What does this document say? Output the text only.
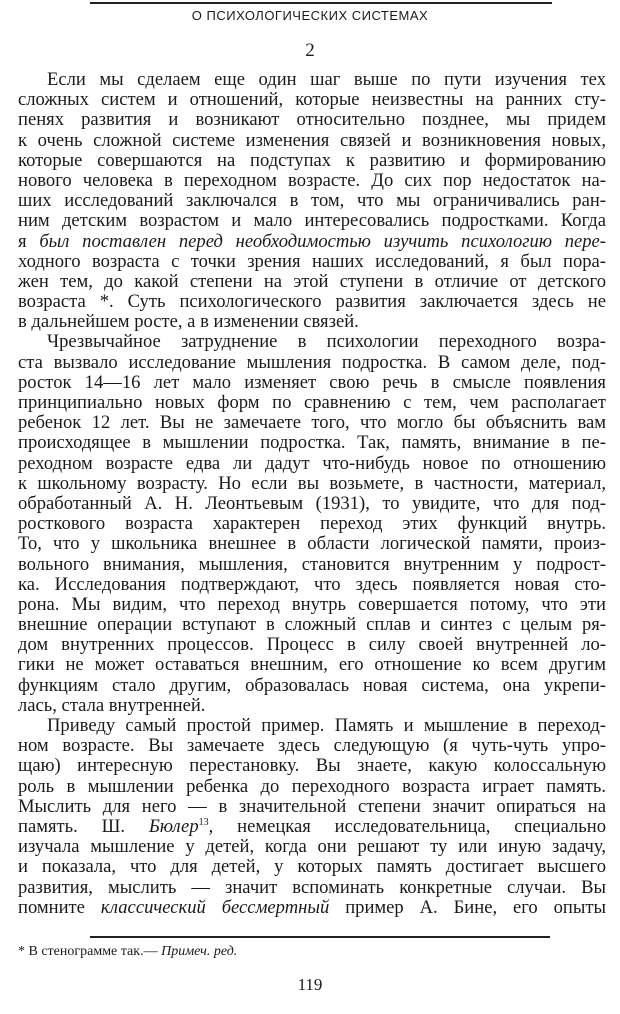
О ПСИХОЛОГИЧЕСКИХ СИСТЕМАХ
2
Если мы сделаем еще один шаг выше по пути изучения тех
сложных систем и отношений, которые неизвестны на ранних сту-
пенях развития и возникают относительно позднее, мы придем
к очень сложной системе изменения связей и возникновения новых,
которые совершаются на подступах к развитию и формированию
нового человека в переходном возрасте. До сих пор недостаток на-
ших исследований заключался в том, что мы ограничивались ран-
ним детским возрастом и мало интересовались подростками. Когда
я был поставлен перед необходимостью изучить психологию пере-
ходного возраста с точки зрения наших исследований, я был пора-
жен тем, до какой степени на этой ступени в отличие от детского
возраста *. Суть психологического развития заключается здесь не
в дальнейшем росте, а в изменении связей.
Чрезвычайное затруднение в психологии переходного возра-
ста вызвало исследование мышления подростка. В самом деле, под-
росток 14—16 лет мало изменяет свою речь в смысле появления
принципиально новых форм по сравнению с тем, чем располагает
ребенок 12 лет. Вы не замечаете того, что могло бы объяснить вам
происходящее в мышлении подростка. Так, память, внимание в пе-
реходном возрасте едва ли дадут что-нибудь новое по отношению
к школьному возрасту. Но если вы возьмете, в частности, материал,
обработанный А. Н. Леонтьевым (1931), то увидите, что для под-
росткового возраста характерен переход этих функций внутрь.
То, что у школьника внешнее в области логической памяти, произ-
вольного внимания, мышления, становится внутренним у подрост-
ка. Исследования подтверждают, что здесь появляется новая сто-
рона. Мы видим, что переход внутрь совершается потому, что эти
внешние операции вступают в сложный сплав и синтез с целым ря-
дом внутренних процессов. Процесс в силу своей внутренней ло-
гики не может оставаться внешним, его отношение ко всем другим
функциям стало другим, образовалась новая система, она укрепи-
лась, стала внутренней.
Приведу самый простой пример. Память и мышление в переход-
ном возрасте. Вы замечаете здесь следующую (я чуть-чуть упро-
щаю) интересную перестановку. Вы знаете, какую колоссальную
роль в мышлении ребенка до переходного возраста играет память.
Мыслить для него — в значительной степени значит опираться на
память. Ш. Бюлер$^{13}$, немецкая исследовательница, специально
изучала мышление у детей, когда они решают ту или иную задачу,
и показала, что для детей, у которых память достигает высшего
развития, мыслить — значит вспоминать конкретные случаи. Вы
помните классический бессмертный пример А. Бине, его опыты
* В стенограмме так.— Примеч. ред.
119
